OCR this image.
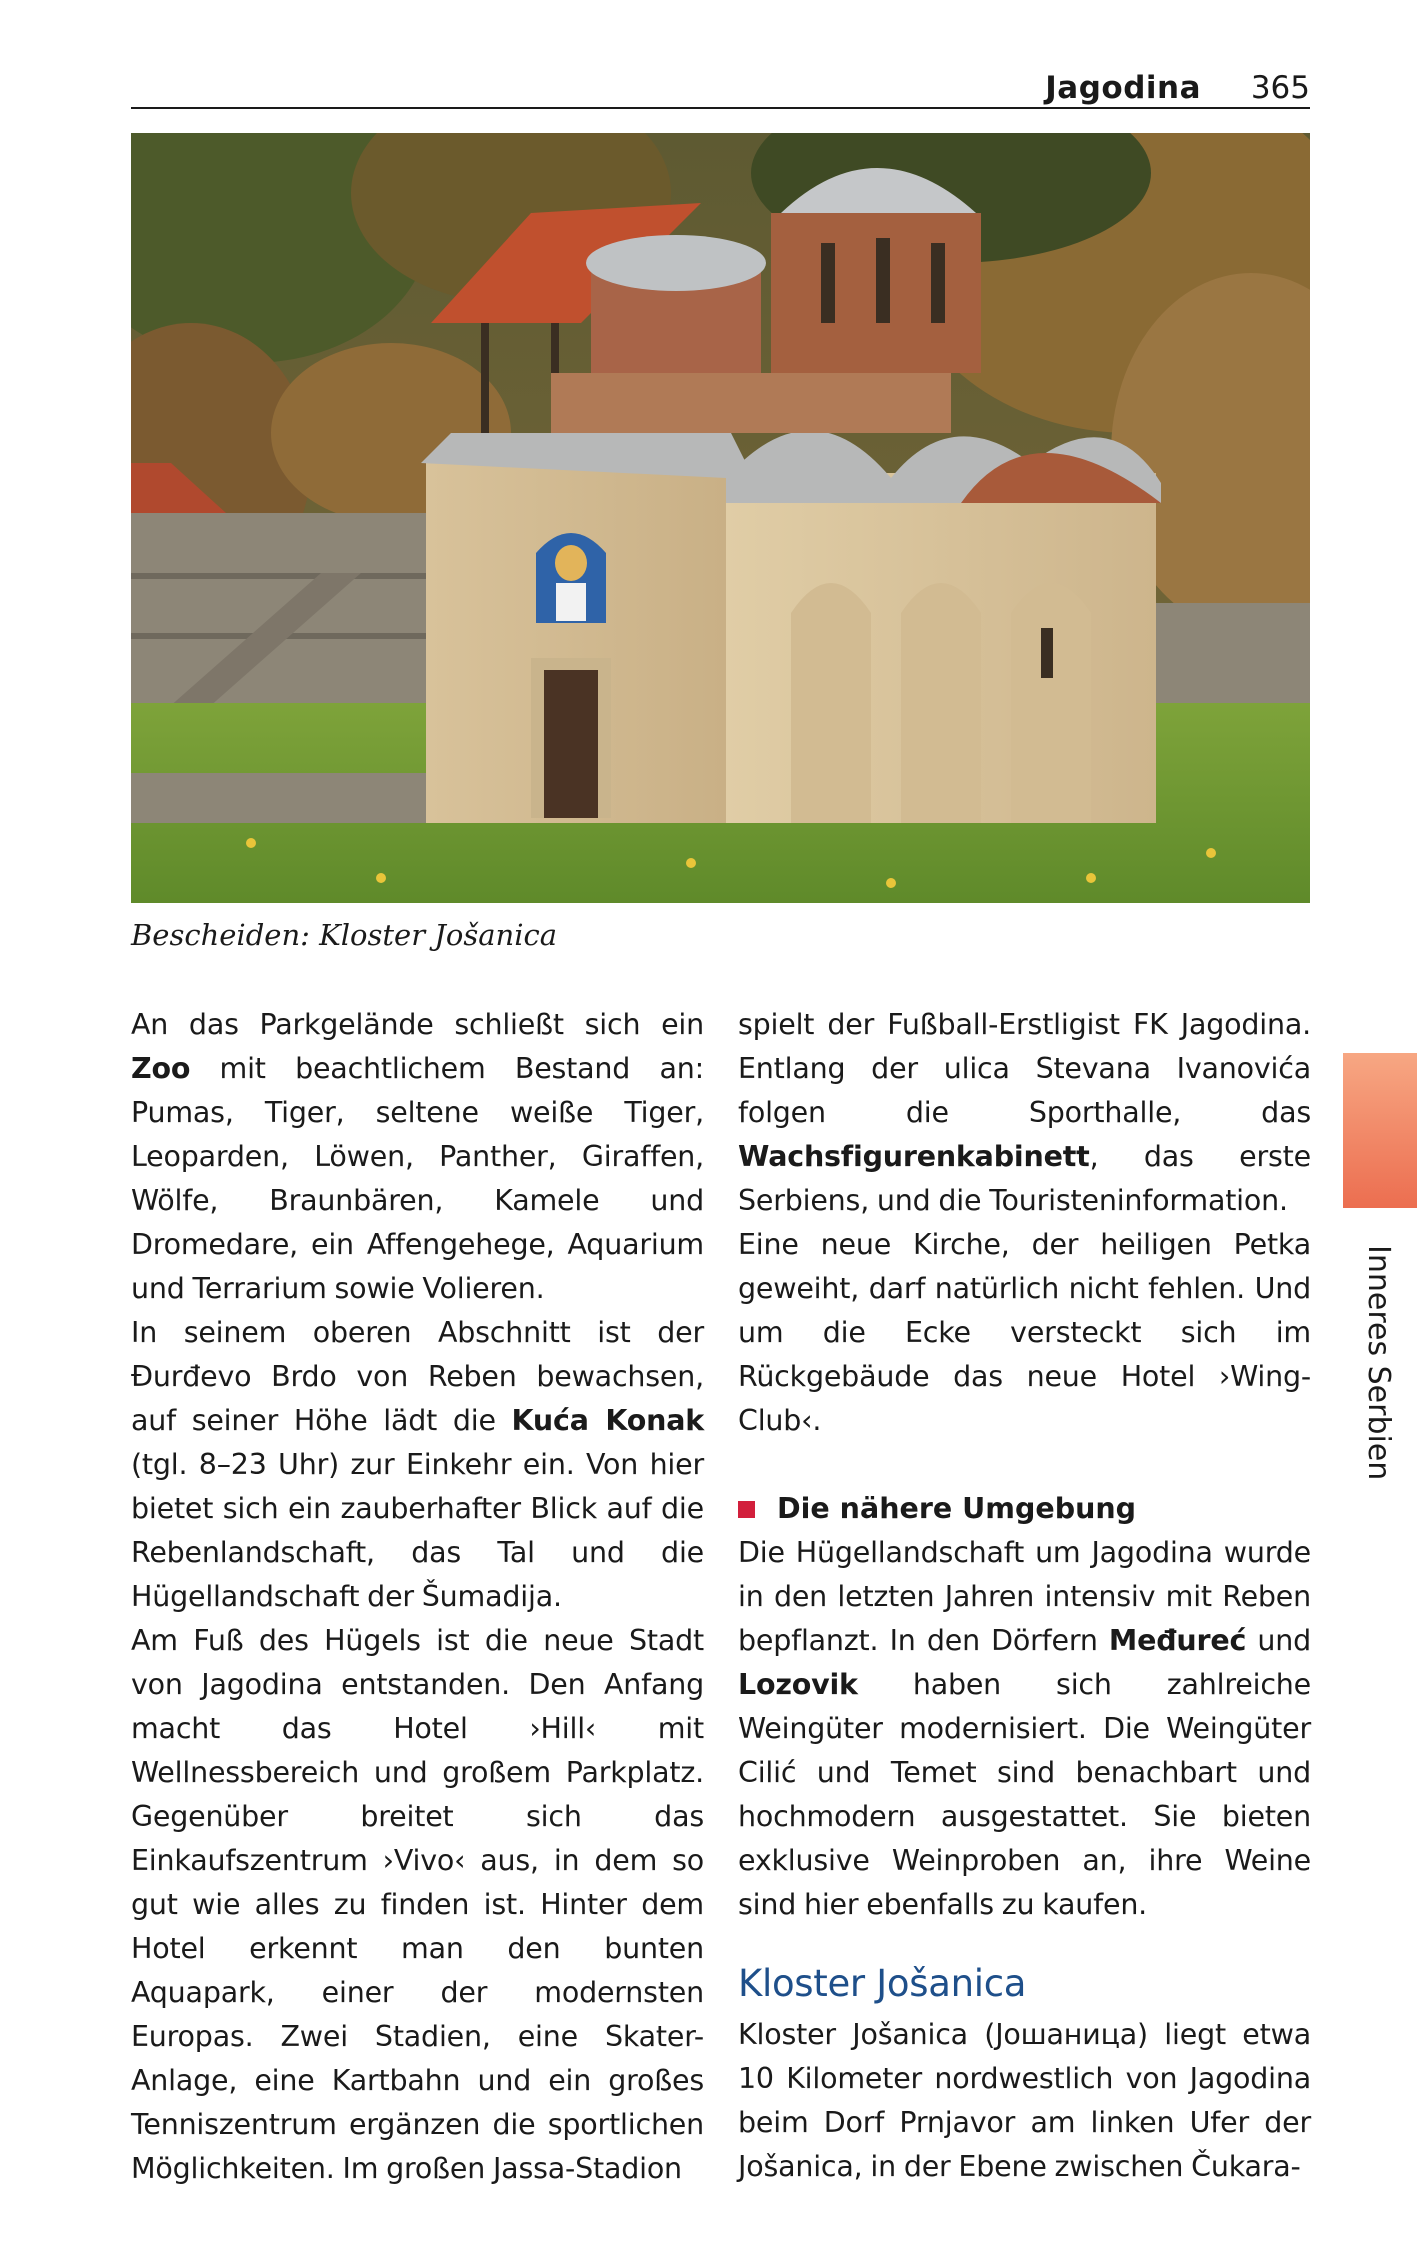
Jagodina 365
Bescheiden: Kloster Jošanica

An das Parkgelände schließt sich ein Zoo mit beachtlichem Bestand an: Pumas, Tiger, seltene weiße Tiger, Leoparden, Löwen, Panther, Giraffen, Wölfe, Braunbären, Kamele und Dromedare, ein Affengehege, Aquarium und Terrarium sowie Volieren.

In seinem oberen Abschnitt ist der Đurđevo Brdo von Reben bewachsen, auf seiner Höhe lädt die Kuća Konak (tgl. 8–23 Uhr) zur Einkehr ein. Von hier bietet sich ein zauberhafter Blick auf die Rebenlandschaft, das Tal und die Hügellandschaft der Šumadija.

Am Fuß des Hügels ist die neue Stadt von Jagodina entstanden. Den Anfang macht das Hotel ›Hill‹ mit Wellnessbereich und großem Parkplatz. Gegenüber breitet sich das Einkaufszentrum ›Vivo‹ aus, in dem so gut wie alles zu finden ist. Hinter dem Hotel erkennt man den bunten Aquapark, einer der modernsten Europas. Zwei Stadien, eine Skater-Anlage, eine Kartbahn und ein großes Tenniszentrum ergänzen die sportlichen Möglichkeiten. Im großen Jassa-Stadion

spielt der Fußball-Erstligist FK Jagodina. Entlang der ulica Stevana Ivanovića folgen die Sporthalle, das Wachsfigurenkabinett, das erste Serbiens, und die Touristeninformation.

Eine neue Kirche, der heiligen Petka geweiht, darf natürlich nicht fehlen. Und um die Ecke versteckt sich im Rückgebäude das neue Hotel ›Wing-Club‹.

Die nähere Umgebung

Die Hügellandschaft um Jagodina wurde in den letzten Jahren intensiv mit Reben bepflanzt. In den Dörfern Međureć und Lozovik haben sich zahlreiche Weingüter modernisiert. Die Weingüter Cilić und Temet sind benachbart und hochmodern ausgestattet. Sie bieten exklusive Weinproben an, ihre Weine sind hier ebenfalls zu kaufen.

Kloster Jošanica

Kloster Jošanica (Јошаница) liegt etwa 10 Kilometer nordwestlich von Jagodina beim Dorf Prnjavor am linken Ufer der Jošanica, in der Ebene zwischen Čukara-

Inneres Serbien
